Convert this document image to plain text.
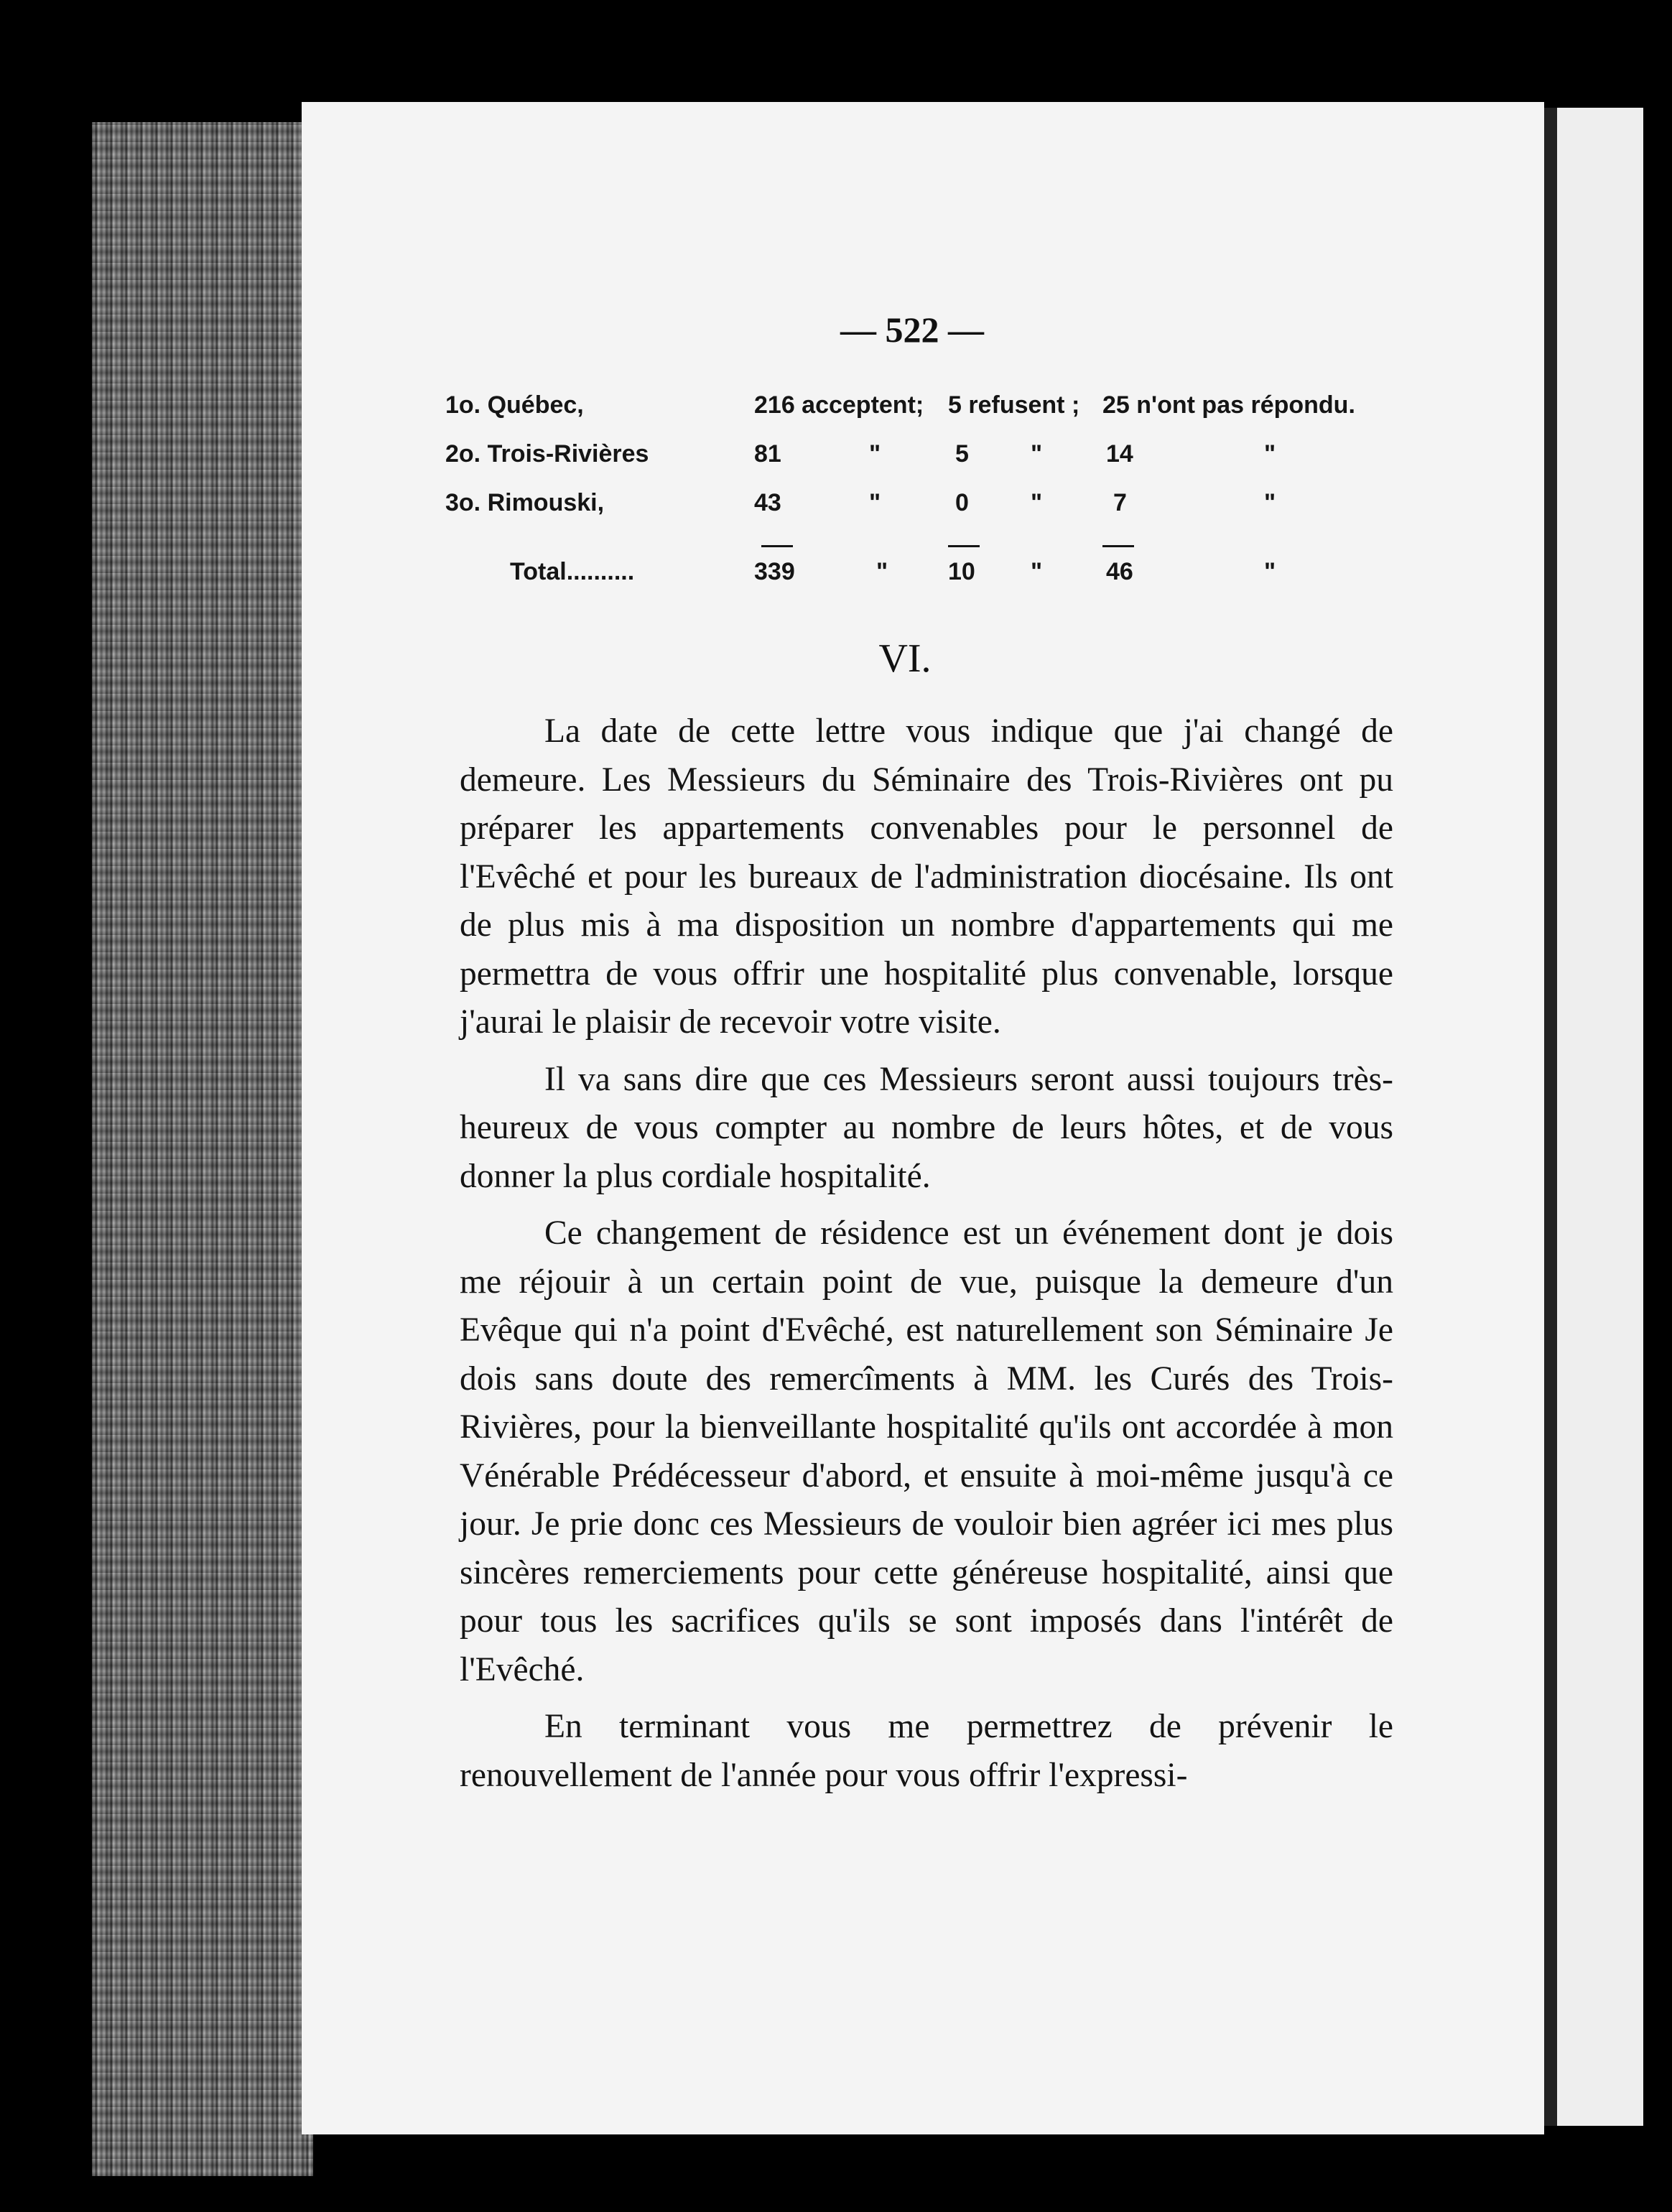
— 522 —
1o. Québec,	216 acceptent; 5 refusent ; 25 n'ont pas répondu.
2o. Trois-Rivières	81	"	5	"	14	"
3o. Rimouski,	43	"	0	"	7	"
Total..........	339	" 10 "	46	"
VI.

La date de cette lettre vous indique que j'ai changé de demeure. Les Messieurs du Séminaire des Trois-Rivières ont pu préparer les appartements convenables pour le personnel de l'Evêché et pour les bureaux de l'administration diocésaine. Ils ont de plus mis à ma disposition un nombre d'appartements qui me permettra de vous offrir une hospitalité plus convenable, lorsque j'aurai le plaisir de recevoir votre visite.

Il va sans dire que ces Messieurs seront aussi toujours très-heureux de vous compter au nombre de leurs hôtes, et de vous donner la plus cordiale hospitalité.

Ce changement de résidence est un événement dont je dois me réjouir à un certain point de vue, puisque la demeure d'un Evêque qui n'a point d'Evêché, est naturellement son Séminaire Je dois sans doute des remercîments à MM. les Curés des Trois-Rivières, pour la bienveillante hospitalité qu'ils ont accordée à mon Vénérable Prédécesseur d'abord, et ensuite à moi-même jusqu'à ce jour. Je prie donc ces Messieurs de vouloir bien agréer ici mes plus sincères remerciements pour cette généreuse hospitalité, ainsi que pour tous les sacrifices qu'ils se sont imposés dans l'intérêt de l'Evêché.

En terminant vous me permettrez de prévenir le renouvellement de l'année pour vous offrir l'expressi-
